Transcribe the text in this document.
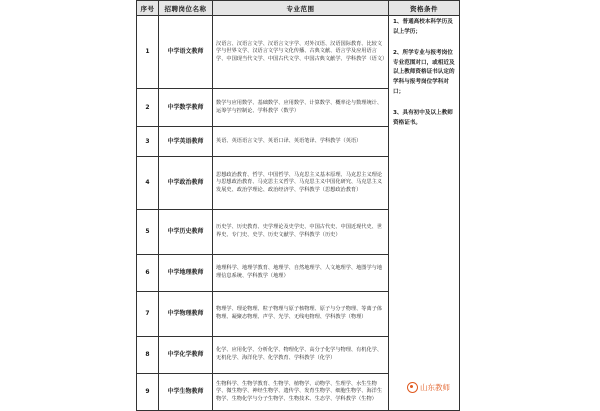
序号	招聘岗位名称	专业范围	资格条件
1	中学语文教师	汉语言、汉语言文学、汉语言文字学、对外汉语、汉语国际教育、比较文学与世界文学、汉语言文学与文化传播、古典文献、语言学及应用语言学、中国现当代文学、中国古代文学、中国古典文献学、学科教学（语文）	1、普通高校本科学历及以上学历；
2、所学专业与报考岗位专业范围对口，或相近及以上教师资格证书认定的学科与报考岗位学科对口；
3、具有初中及以上教师资格证书。

2	中学数学教师	数学与应用数学、基础数学、应用数学、计算数学、概率论与数理统计、运筹学与控制论、学科教学（数学）	
3	中学英语教师	英语、英语语言文学、英语口译、英语笔译、学科教学（英语）	
4	中学政治教师	思想政治教育、哲学、中国哲学、马克思主义基本原理、马克思主义理论与思想政治教育、马克思主义哲学、马克思主义中国化研究、马克思主义发展史、政治学理论、政治经济学、学科教学（思想政治教育）	
5	中学历史教师	历史学、历史教育、史学理论及史学史、中国古代史、中国近现代史、世界史、专门史、史学、历史文献学、学科教学（历史）	
6	中学地理教师	地理科学、地理学教育、地理学、自然地理学、人文地理学、地图学与地理信息系统、学科教学（地理）	
7	中学物理教师	物理学、理论物理、粒子物理与原子核物理、原子与分子物理、等离子体物理、凝聚态物理、声学、光学、无线电物理、学科教学（物理）	
8	中学化学教师	化学、应用化学、分析化学、物理化学、高分子化学与物理、有机化学、无机化学、海洋化学、化学教育、学科教学（化学）	
9	中学生物教师	生物科学、生物学教育、生物学、植物学、动物学、生理学、水生生物学、微生物学、神经生物学、遗传学、发育生物学、细胞生物学、海洋生物学、生物化学与分子生物学、生物技术、生态学、学科教学（生物）	
山东教师
